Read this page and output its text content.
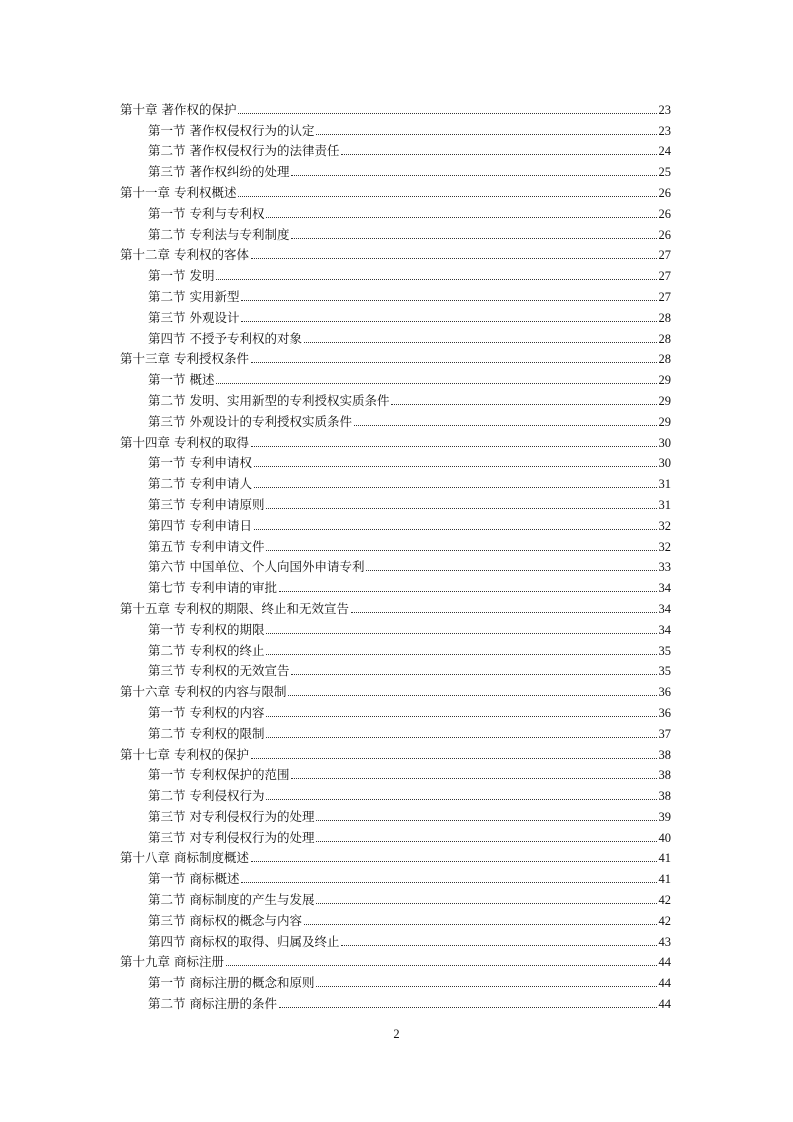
第十章 著作权的保护	23
第一节 著作权侵权行为的认定	23
第二节 著作权侵权行为的法律责任	24
第三节 著作权纠纷的处理	25
第十一章 专利权概述	26
第一节 专利与专利权	26
第二节 专利法与专利制度	26
第十二章 专利权的客体	27
第一节 发明	27
第二节 实用新型	27
第三节 外观设计	28
第四节 不授予专利权的对象	28
第十三章 专利授权条件	28
第一节 概述	29
第二节 发明、实用新型的专利授权实质条件	29
第三节 外观设计的专利授权实质条件	29
第十四章 专利权的取得	30
第一节 专利申请权	30
第二节 专利申请人	31
第三节 专利申请原则	31
第四节 专利申请日	32
第五节 专利申请文件	32
第六节 中国单位、个人向国外申请专利	33
第七节 专利申请的审批	34
第十五章 专利权的期限、终止和无效宣告	34
第一节 专利权的期限	34
第二节 专利权的终止	35
第三节 专利权的无效宣告	35
第十六章 专利权的内容与限制	36
第一节 专利权的内容	36
第二节 专利权的限制	37
第十七章 专利权的保护	38
第一节 专利权保护的范围	38
第二节 专利侵权行为	38
第三节 对专利侵权行为的处理	39
第三节 对专利侵权行为的处理	40
第十八章 商标制度概述	41
第一节 商标概述	41
第二节 商标制度的产生与发展	42
第三节 商标权的概念与内容	42
第四节 商标权的取得、归属及终止	43
第十九章 商标注册	44
第一节 商标注册的概念和原则	44
第二节 商标注册的条件	44
2
